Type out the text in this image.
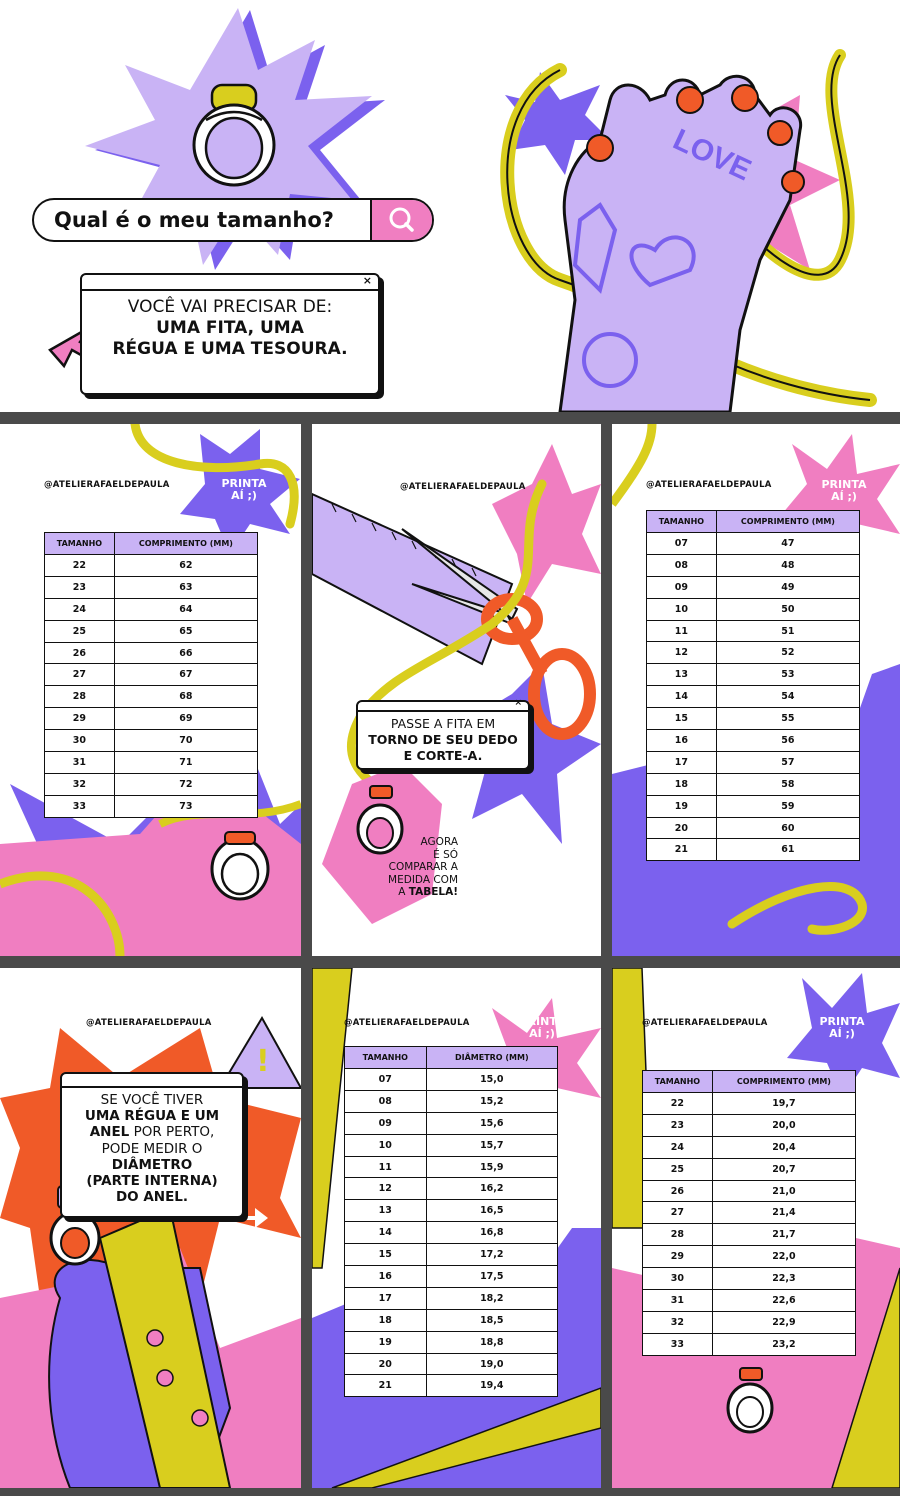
LOVE
Qual é o meu tamanho?
×
VOCÊ VAI PRECISAR DE:
UMA FITA, UMA
RÉGUA E UMA TESOURA.
@ATELIERAFAELDEPAULA	PRINTA
AÍ ;)
TAMANHO	COMPRIMENTO (MM)
22	62
23	63
24	64
25	65
26	66
27	67
28	68
29	69
30	70
31	71
32	72
33	73
@ATELIERAFAELDEPAULA
×
PASSE A FITA EM
TORNO DE SEU DEDO
E CORTE-A.
AGORA
É SÓ
COMPARAR A
MEDIDA COM
A TABELA!
@ATELIERAFAELDEPAULA	PRINTA
AÍ ;)
TAMANHO	COMPRIMENTO (MM)
07	47
08	48
09	49
10	50
11	51
12	52
13	53
14	54
15	55
16	56
17	57
18	58
19	59
20	60
21	61
!
@ATELIERAFAELDEPAULA
SE VOCÊ TIVER
UMA RÉGUA E UM
ANEL POR PERTO,
PODE MEDIR O
DIÂMETRO
(PARTE INTERNA)
DO ANEL.
@ATELIERAFAELDEPAULA	PRINTA
AÍ ;)
TAMANHO	DIÂMETRO (MM)
07	15,0
08	15,2
09	15,6
10	15,7
11	15,9
12	16,2
13	16,5
14	16,8
15	17,2
16	17,5
17	18,2
18	18,5
19	18,8
20	19,0
21	19,4
@ATELIERAFAELDEPAULA	PRINTA
AÍ ;)
TAMANHO	COMPRIMENTO (MM)
22	19,7
23	20,0
24	20,4
25	20,7
26	21,0
27	21,4
28	21,7
29	22,0
30	22,3
31	22,6
32	22,9
33	23,2
